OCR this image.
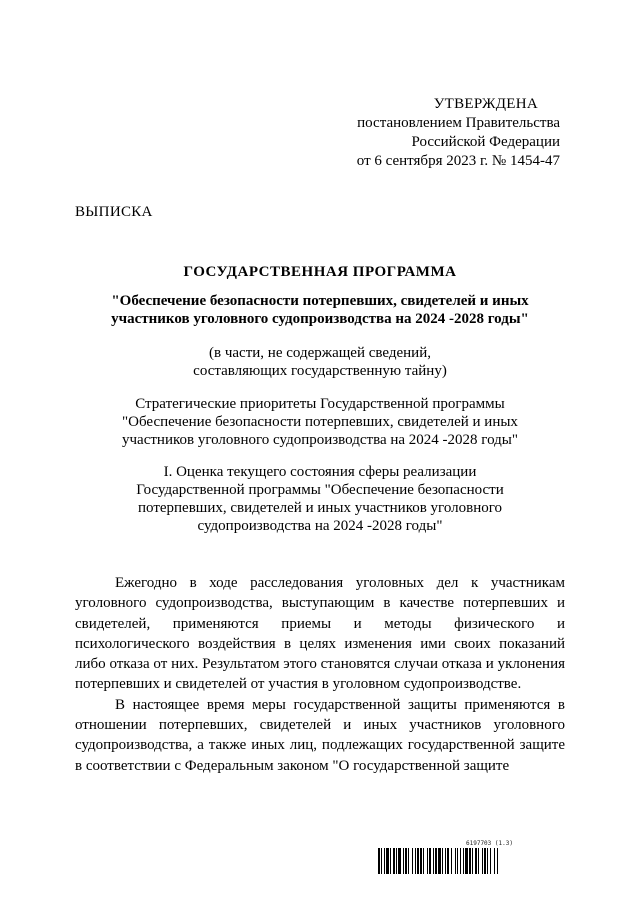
УТВЕРЖДЕНА
постановлением Правительства
Российской Федерации
от 6 сентября 2023 г. № 1454-47
ВЫПИСКА
ГОСУДАРСТВЕННАЯ ПРОГРАММА
"Обеспечение безопасности потерпевших, свидетелей и иных
участников уголовного судопроизводства на 2024 -2028 годы"
(в части, не содержащей сведений,
составляющих государственную тайну)
Стратегические приоритеты Государственной программы
"Обеспечение безопасности потерпевших, свидетелей и иных
участников уголовного судопроизводства на 2024 -2028 годы"
I. Оценка текущего состояния сферы реализации
Государственной программы "Обеспечение безопасности
потерпевших, свидетелей и иных участников уголовного
судопроизводства на 2024 -2028 годы"

Ежегодно в ходе расследования уголовных дел к участникам уголовного судопроизводства, выступающим в качестве потерпевших и свидетелей, применяются приемы и методы физического и психологического воздействия в целях изменения ими своих показаний либо отказа от них. Результатом этого становятся случаи отказа и уклонения потерпевших и свидетелей от участия в уголовном судопроизводстве.

В настоящее время меры государственной защиты применяются в отношении потерпевших, свидетелей и иных участников уголовного судопроизводства, а также иных лиц, подлежащих государственной защите в соответствии с Федеральным законом "О государственной защите

6197703 (1.3)
